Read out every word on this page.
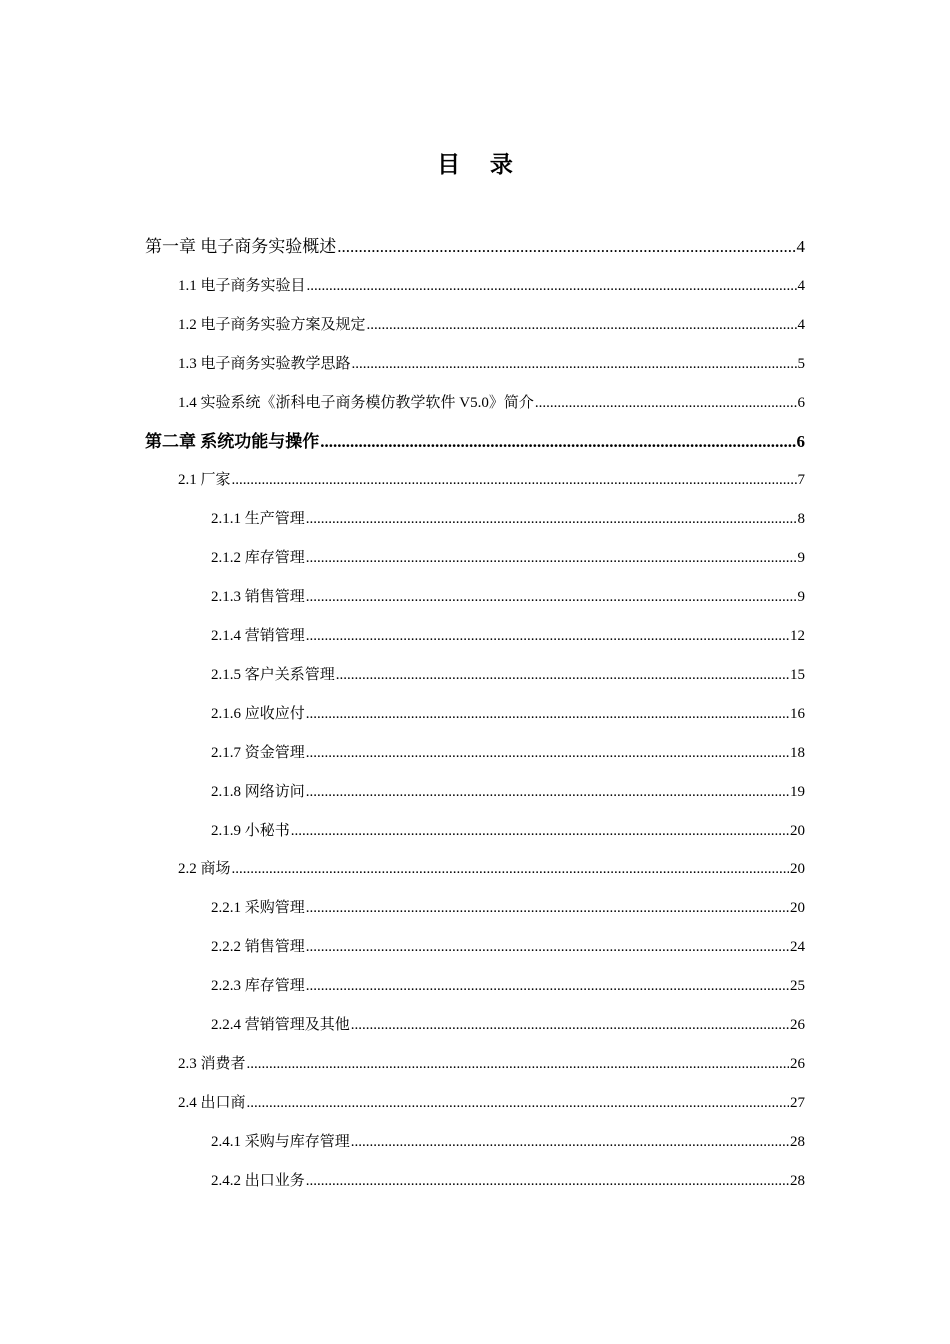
目 录
第一章 电子商务实验概述 .....	4
1.1 电子商务实验目 .....	4
1.2 电子商务实验方案及规定 .....	4
1.3 电子商务实验教学思路 .....	5
1.4 实验系统《浙科电子商务模仿教学软件 V5.0》简介 .....	6
第二章 系统功能与操作 .....	6
2.1 厂家 .....	7
2.1.1 生产管理 .....	8
2.1.2 库存管理 .....	9
2.1.3 销售管理 .....	9
2.1.4 营销管理 .....	12
2.1.5 客户关系管理 .....	15
2.1.6 应收应付 .....	16
2.1.7 资金管理 .....	18
2.1.8 网络访问 .....	19
2.1.9 小秘书 .....	20
2.2 商场 .....	20
2.2.1 采购管理 .....	20
2.2.2 销售管理 .....	24
2.2.3 库存管理 .....	25
2.2.4 营销管理及其他 .....	26
2.3 消费者 .....	26
2.4 出口商 .....	27
2.4.1 采购与库存管理 .....	28
2.4.2 出口业务 .....	28
